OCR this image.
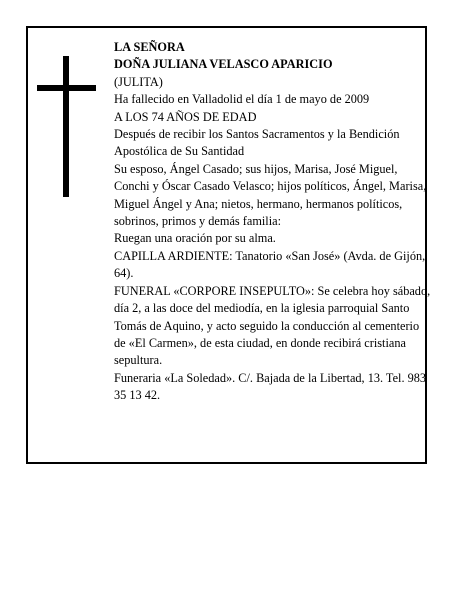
LA SEÑORA

DOÑA JULIANA VELASCO APARICIO

(JULITA)

Ha fallecido en Valladolid el día 1 de mayo de 2009

A LOS 74 AÑOS DE EDAD

Después de recibir los Santos Sacramentos y la Bendición Apostólica de Su Santidad

Su esposo, Ángel Casado; sus hijos, Marisa, José Miguel, Conchi y Óscar Casado Velasco; hijos políticos, Ángel, Marisa, Miguel Ángel y Ana; nietos, hermano, hermanos políticos, sobrinos, primos y demás familia:

Ruegan una oración por su alma.

CAPILLA ARDIENTE: Tanatorio «San José» (Avda. de Gijón, 64).

FUNERAL «CORPORE INSEPULTO»: Se celebra hoy sábado, día 2, a las doce del mediodía, en la iglesia parroquial Santo Tomás de Aquino, y acto seguido la conducción al cementerio de «El Carmen», de esta ciudad, en donde recibirá cristiana sepultura.

Funeraria «La Soledad». C/. Bajada de la Libertad, 13. Tel. 983 35 13 42.
